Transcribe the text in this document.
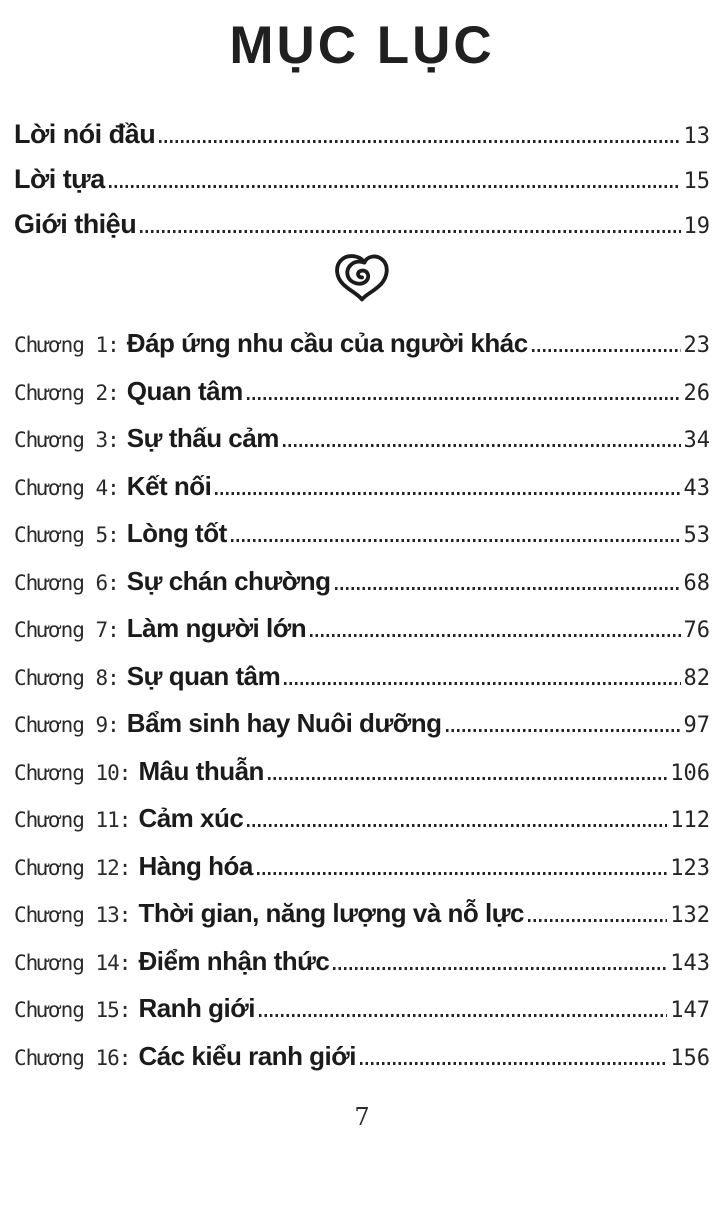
MỤC LỤC
Lời nói đầu	13
Lời tựa	15
Giới thiệu	19
Chương 1: Đáp ứng nhu cầu của người khác	23
Chương 2: Quan tâm	26
Chương 3: Sự thấu cảm	34
Chương 4: Kết nối	43
Chương 5: Lòng tốt	53
Chương 6: Sự chán chường	68
Chương 7: Làm người lớn	76
Chương 8: Sự quan tâm	82
Chương 9: Bẩm sinh hay Nuôi dưỡng	97
Chương 10: Mâu thuẫn	106
Chương 11: Cảm xúc	112
Chương 12: Hàng hóa	123
Chương 13: Thời gian, năng lượng và nỗ lực	132
Chương 14: Điểm nhận thức	143
Chương 15: Ranh giới	147
Chương 16: Các kiểu ranh giới	156
7
